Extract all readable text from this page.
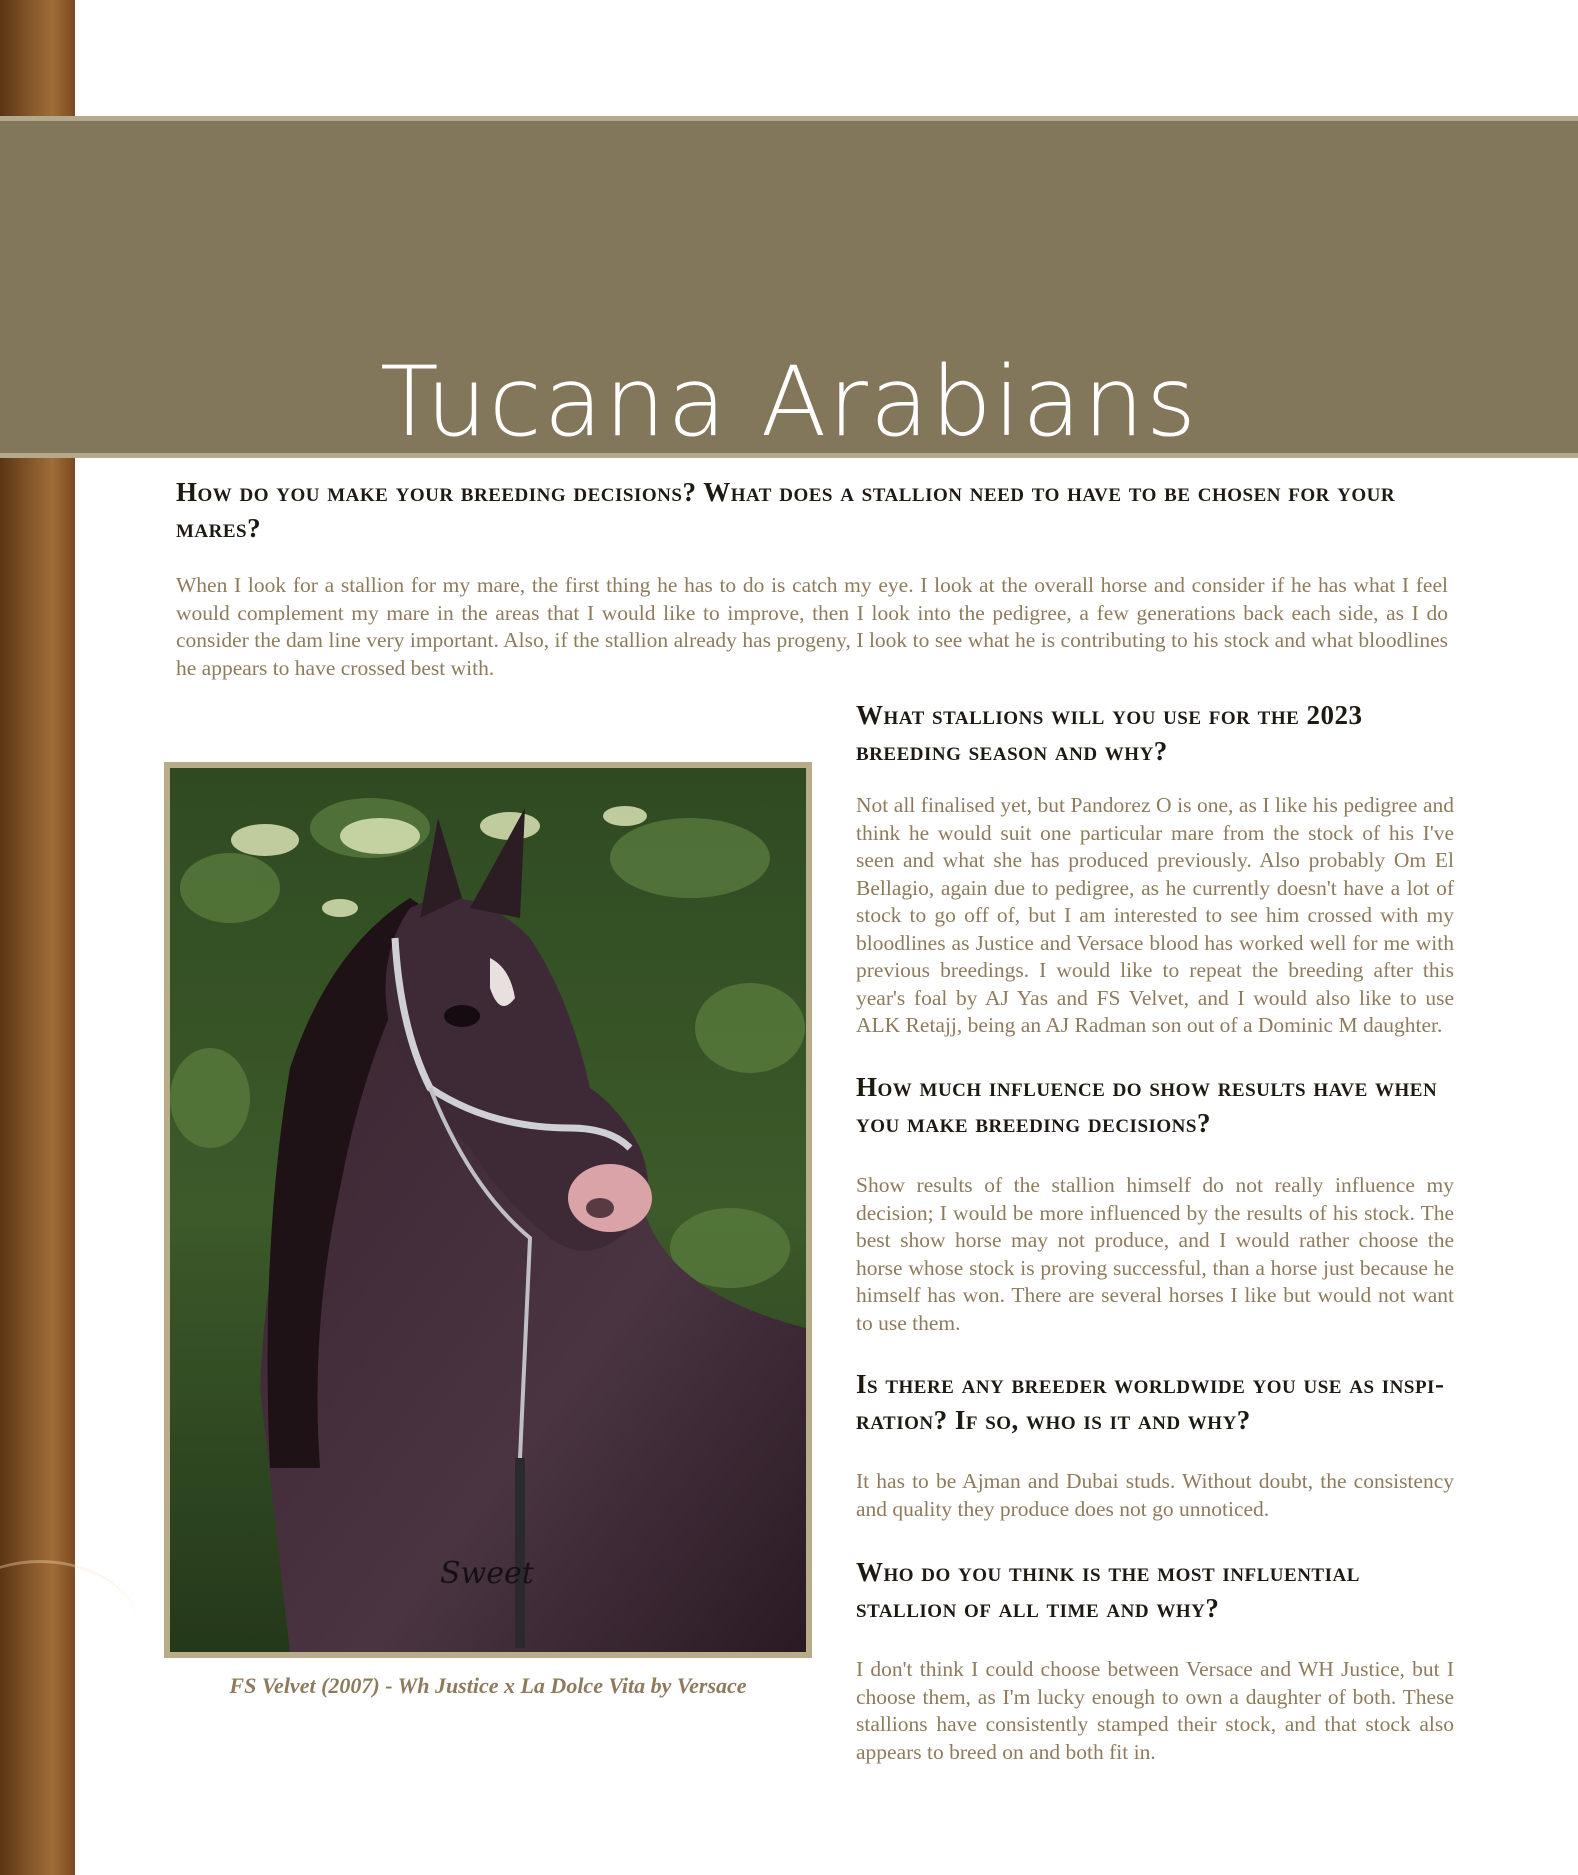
Tucana Arabians
How do you make your breeding decisions? What does a stallion need to have to be chosen for your mares?

When I look for a stallion for my mare, the first thing he has to do is catch my eye. I look at the overall horse and consider if he has what I feel would complement my mare in the areas that I would like to improve, then I look into the pedigree, a few generations back each side, as I do consider the dam line very important. Also, if the stallion already has progeny, I look to see what he is contributing to his stock and what bloodlines he appears to have crossed best with.

Sweet

FS Velvet (2007) - Wh Justice x La Dolce Vita by Versace

What stallions will you use for the 2023 breeding season and why?

Not all finalised yet, but Pandorez O is one, as I like his pedigree and think he would suit one particular mare from the stock of his I've seen and what she has produced previously. Also probably Om El Bellagio, again due to pedigree, as he currently doesn't have a lot of stock to go off of, but I am interested to see him crossed with my bloodlines as Justice and Versace blood has worked well for me with previous breedings. I would like to repeat the breeding after this year's foal by AJ Yas and FS Velvet, and I would also like to use ALK Retajj, being an AJ Radman son out of a Dominic M daughter.

How much influence do show results have when you make breeding decisions?

Show results of the stallion himself do not really influence my decision; I would be more influenced by the results of his stock. The best show horse may not produce, and I would rather choose the horse whose stock is proving successful, than a horse just because he himself has won. There are several horses I like but would not want to use them.

Is there any breeder worldwide you use as inspi-ration? If so, who is it and why?

It has to be Ajman and Dubai studs. Without doubt, the consistency and quality they produce does not go unnoticed.

Who do you think is the most influential stallion of all time and why?

I don't think I could choose between Versace and WH Justice, but I choose them, as I'm lucky enough to own a daughter of both. These stallions have consistently stamped their stock, and that stock also appears to breed on and both fit in.
